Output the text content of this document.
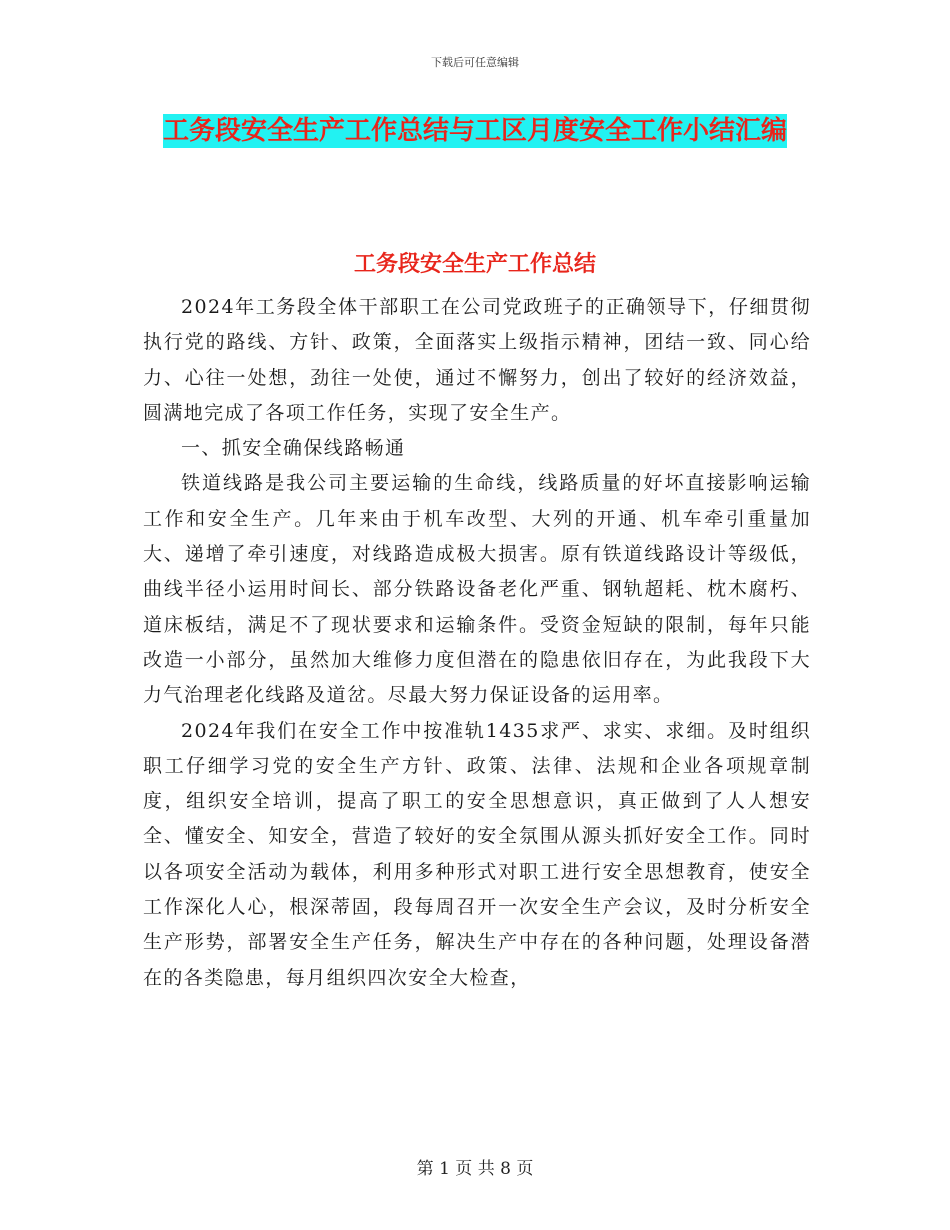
下载后可任意编辑
工务段安全生产工作总结与工区月度安全工作小结汇编
工务段安全生产工作总结

2024年工务段全体干部职工在公司党政班子的正确领导下，仔细贯彻执行党的路线、方针、政策，全面落实上级指示精神，团结一致、同心给力、心往一处想，劲往一处使，通过不懈努力，创出了较好的经济效益，圆满地完成了各项工作任务，实现了安全生产。

一、抓安全确保线路畅通

铁道线路是我公司主要运输的生命线，线路质量的好坏直接影响运输工作和安全生产。几年来由于机车改型、大列的开通、机车牵引重量加大、递增了牵引速度，对线路造成极大损害。原有铁道线路设计等级低，曲线半径小运用时间长、部分铁路设备老化严重、钢轨超耗、枕木腐朽、道床板结，满足不了现状要求和运输条件。受资金短缺的限制，每年只能改造一小部分，虽然加大维修力度但潜在的隐患依旧存在，为此我段下大力气治理老化线路及道岔。尽最大努力保证设备的运用率。

2024年我们在安全工作中按准轨1435求严、求实、求细。及时组织职工仔细学习党的安全生产方针、政策、法律、法规和企业各项规章制度，组织安全培训，提高了职工的安全思想意识，真正做到了人人想安全、懂安全、知安全，营造了较好的安全氛围从源头抓好安全工作。同时以各项安全活动为载体，利用多种形式对职工进行安全思想教育，使安全工作深化人心，根深蒂固，段每周召开一次安全生产会议，及时分析安全生产形势，部署安全生产任务，解决生产中存在的各种问题，处理设备潜在的各类隐患，每月组织四次安全大检查，

第 1 页 共 8 页
